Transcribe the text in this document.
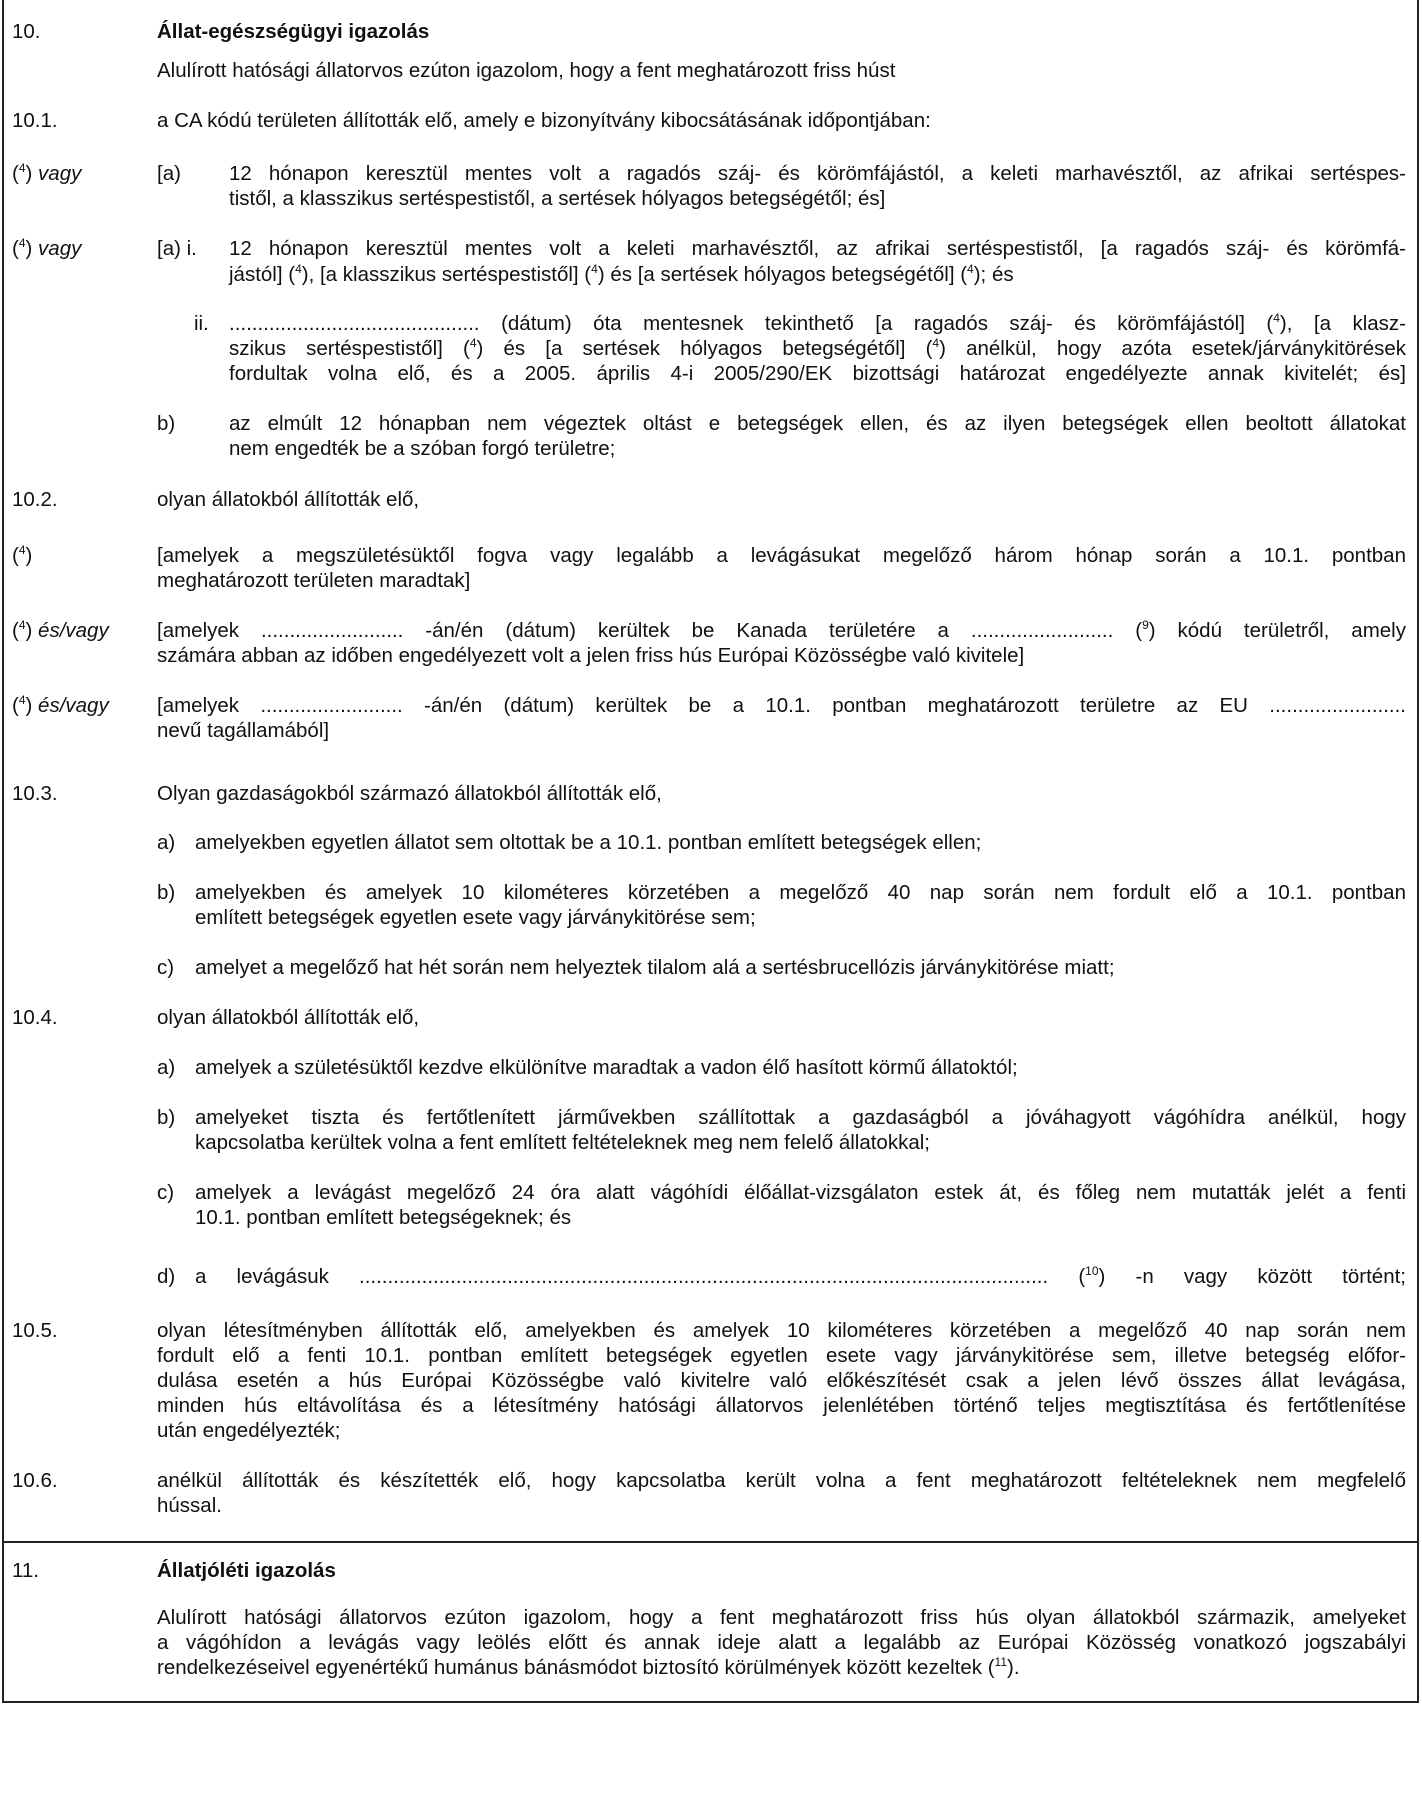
10.	Állat-egészségügyi igazolás
Alulírott hatósági állatorvos ezúton igazolom, hogy a fent meghatározott friss húst
10.1.	a CA kódú területen állították elő, amely e bizonyítvány kibocsátásának időpontjában:
($^4$) vagy	[a) 12 hónapon keresztül mentes volt a ragadós száj- és körömfájástól, a keleti marhavésztől, az afrikai sertéspes-
tistől, a klasszikus sertéspestistől, a sertések hólyagos betegségétől; és]
($^4$) vagy	[a) i. 12 hónapon keresztül mentes volt a keleti marhavésztől, az afrikai sertéspestistől, [a ragadós száj- és körömfá-
jástól] ($^4$), [a klasszikus sertéspestistől] ($^4$) és [a sertések hólyagos betegségétől] ($^4$); és
ii. ............................................ (dátum) óta mentesnek tekinthető [a ragadós száj- és körömfájástól] ($^4$), [a klasz-
szikus sertéspestistől] ($^4$) és [a sertések hólyagos betegségétől] ($^4$) anélkül, hogy azóta esetek/járványkitörések
fordultak volna elő, és a 2005. április 4-i 2005/290/EK bizottsági határozat engedélyezte annak kivitelét; és]
b)	az elmúlt 12 hónapban nem végeztek oltást e betegségek ellen, és az ilyen betegségek ellen beoltott állatokat
nem engedték be a szóban forgó területre;
10.2.	olyan állatokból állították elő,
($^4$)	[amelyek a megszületésüktől fogva vagy legalább a levágásukat megelőző három hónap során a 10.1. pontban
meghatározott területen maradtak]
($^4$) és/vagy [amelyek ......................... -án/én (dátum) kerültek be Kanada területére a ......................... ($^9$) kódú területről, amely
számára abban az időben engedélyezett volt a jelen friss hús Európai Közösségbe való kivitele]
($^4$) és/vagy [amelyek ......................... -án/én (dátum) kerültek be a 10.1. pontban meghatározott területre az EU ........................
nevű tagállamából]
10.3.	Olyan gazdaságokból származó állatokból állították elő,
a) amelyekben egyetlen állatot sem oltottak be a 10.1. pontban említett betegségek ellen;
b) amelyekben és amelyek 10 kilométeres körzetében a megelőző 40 nap során nem fordult elő a 10.1. pontban
említett betegségek egyetlen esete vagy járványkitörése sem;
c) amelyet a megelőző hat hét során nem helyeztek tilalom alá a sertésbrucellózis járványkitörése miatt;
10.4.	olyan állatokból állították elő,
a) amelyek a születésüktől kezdve elkülönítve maradtak a vadon élő hasított körmű állatoktól;
b) amelyeket tiszta és fertőtlenített járművekben szállítottak a gazdaságból a jóváhagyott vágóhídra anélkül, hogy
kapcsolatba kerültek volna a fent említett feltételeknek meg nem felelő állatokkal;
c) amelyek a levágást megelőző 24 óra alatt vágóhídi élőállat-vizsgálaton estek át, és főleg nem mutatták jelét a fenti
10.1. pontban említett betegségeknek; és
d) a levágásuk ......................................................................................................................... ($^{10}$) -n vagy között történt;
10.5.	olyan létesítményben állították elő, amelyekben és amelyek 10 kilométeres körzetében a megelőző 40 nap során nem
fordult elő a fenti 10.1. pontban említett betegségek egyetlen esete vagy járványkitörése sem, illetve betegség előfor-
dulása esetén a hús Európai Közösségbe való kivitelre való előkészítését csak a jelen lévő összes állat levágása,
minden hús eltávolítása és a létesítmény hatósági állatorvos jelenlétében történő teljes megtisztítása és fertőtlenítése
után engedélyezték;
10.6.	anélkül állították és készítették elő, hogy kapcsolatba került volna a fent meghatározott feltételeknek nem megfelelő
hússal.
11.	Állatjóléti igazolás
Alulírott hatósági állatorvos ezúton igazolom, hogy a fent meghatározott friss hús olyan állatokból származik, amelyeket
a vágóhídon a levágás vagy leölés előtt és annak ideje alatt a legalább az Európai Közösség vonatkozó jogszabályi
rendelkezéseivel egyenértékű humánus bánásmódot biztosító körülmények között kezeltek ($^{11}$).
